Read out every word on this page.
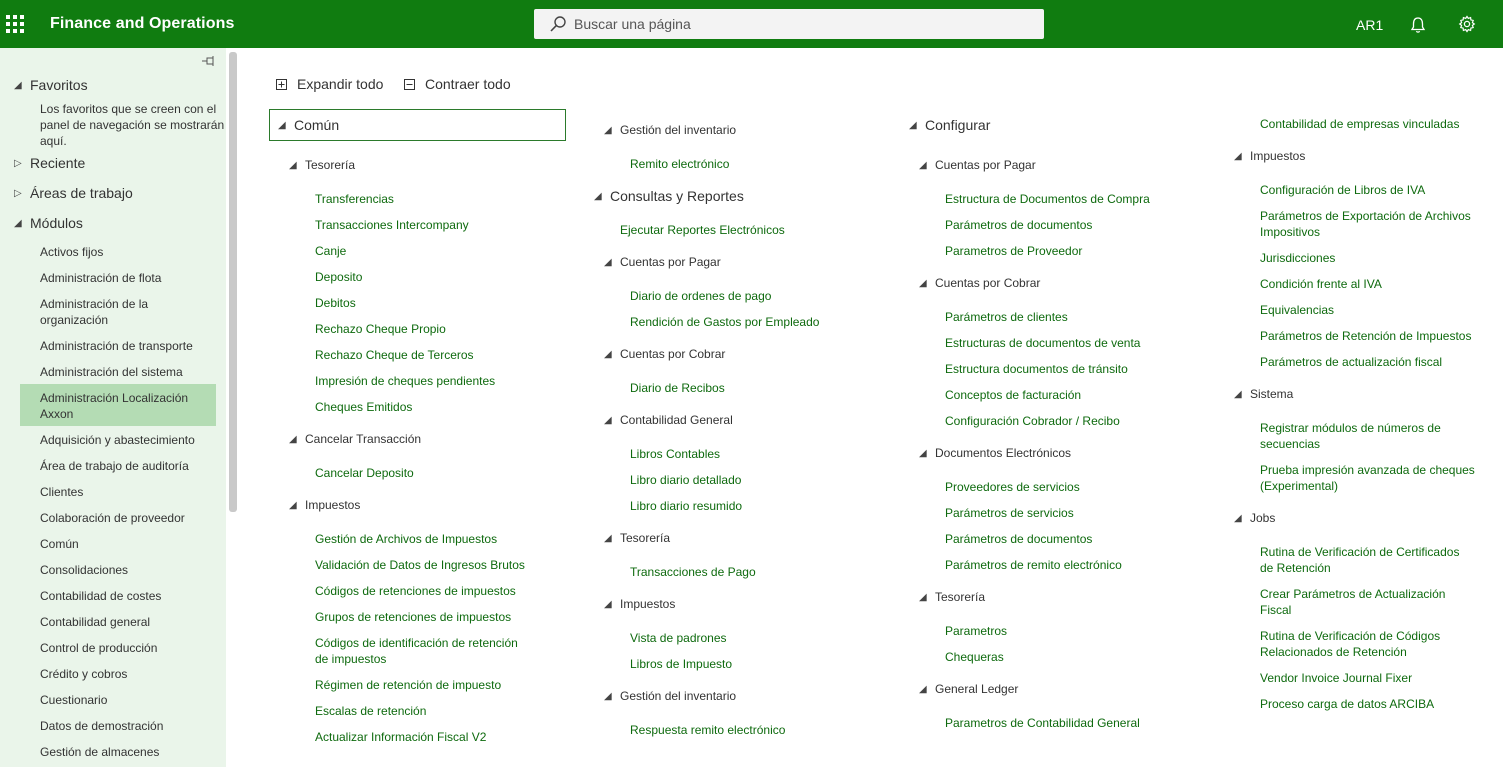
Finance and Operations
Buscar una página	AR1
◢ Favoritos
Los favoritos que se creen con el panel de navegación se mostrarán aquí.
▷ Reciente
▷ Áreas de trabajo
◢ Módulos
Activos fijos
Administración de flota
Administración de la organización
Administración de transporte
Administración del sistema
Administración Localización Axxon
Adquisición y abastecimiento
Área de trabajo de auditoría
Clientes
Colaboración de proveedor
Común
Consolidaciones
Contabilidad de costes
Contabilidad general
Control de producción
Crédito y cobros
Cuestionario
Datos de demostración
Gestión de almacenes
Expandir todo	Contraer todo
◢ Común
◢ Tesorería
Transferencias
Transacciones Intercompany
Canje
Deposito
Debitos
Rechazo Cheque Propio
Rechazo Cheque de Terceros
Impresión de cheques pendientes
Cheques Emitidos
◢ Cancelar Transacción
Cancelar Deposito
◢ Impuestos
Gestión de Archivos de Impuestos
Validación de Datos de Ingresos Brutos
Códigos de retenciones de impuestos
Grupos de retenciones de impuestos
Códigos de identificación de retención de impuestos
Régimen de retención de impuesto
Escalas de retención
Actualizar Información Fiscal V2
◢ Gestión del inventario
Remito electrónico
◢ Consultas y Reportes
Ejecutar Reportes Electrónicos
◢ Cuentas por Pagar
Diario de ordenes de pago
Rendición de Gastos por Empleado
◢ Cuentas por Cobrar
Diario de Recibos
◢ Contabilidad General
Libros Contables
Libro diario detallado
Libro diario resumido
◢ Tesorería
Transacciones de Pago
◢ Impuestos
Vista de padrones
Libros de Impuesto
◢ Gestión del inventario
Respuesta remito electrónico
◢ Configurar
◢ Cuentas por Pagar
Estructura de Documentos de Compra
Parámetros de documentos
Parametros de Proveedor
◢ Cuentas por Cobrar
Parámetros de clientes
Estructuras de documentos de venta
Estructura documentos de tránsito
Conceptos de facturación
Configuración Cobrador / Recibo
◢ Documentos Electrónicos
Proveedores de servicios
Parámetros de servicios
Parámetros de documentos
Parámetros de remito electrónico
◢ Tesorería
Parametros
Chequeras
◢ General Ledger
Parametros de Contabilidad General
Contabilidad de empresas vinculadas
◢ Impuestos
Configuración de Libros de IVA
Parámetros de Exportación de Archivos Impositivos
Jurisdicciones
Condición frente al IVA
Equivalencias
Parámetros de Retención de Impuestos
Parámetros de actualización fiscal
◢ Sistema
Registrar módulos de números de secuencias
Prueba impresión avanzada de cheques (Experimental)
◢ Jobs
Rutina de Verificación de Certificados de Retención
Crear Parámetros de Actualización Fiscal
Rutina de Verificación de Códigos Relacionados de Retención
Vendor Invoice Journal Fixer
Proceso carga de datos ARCIBA
